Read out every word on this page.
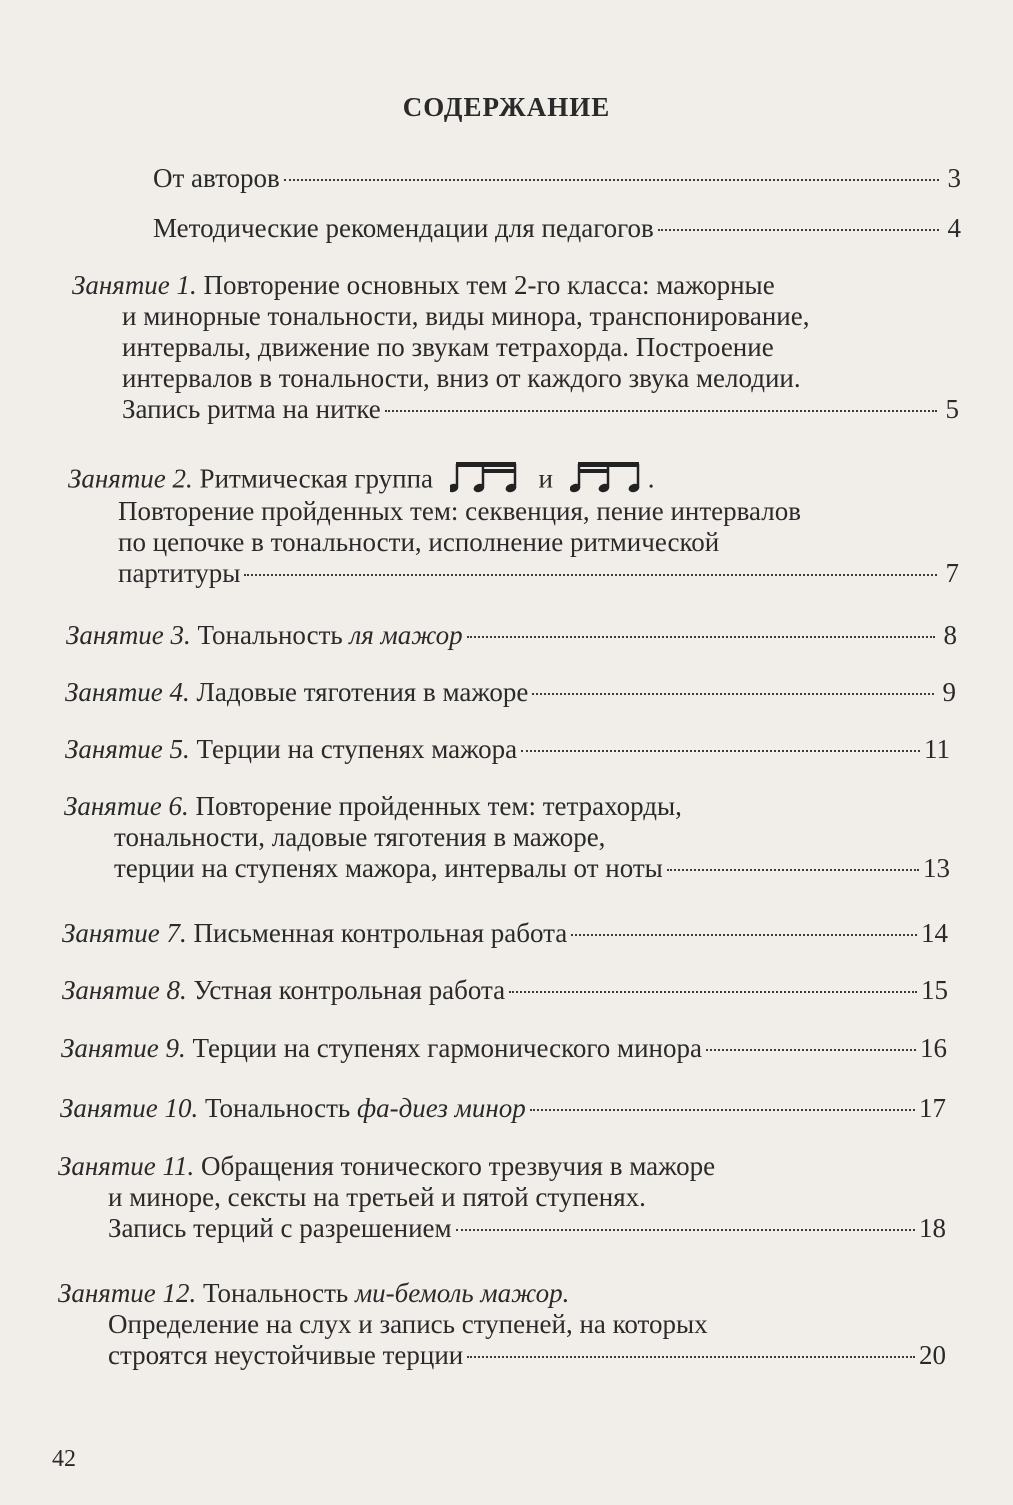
СОДЕРЖАНИЕ
От авторов	3
Методические рекомендации для педагогов	4
Занятие 1. Повторение основных тем 2-го класса: мажорные
и минорные тональности, виды минора, транспонирование,
интервалы, движение по звукам тетрахорда. Построение
интервалов в тональности, вниз от каждого звука мелодии.
Запись ритма на нитке	5
Занятие 2. Ритмическая группа	и	.
Повторение пройденных тем: секвенция, пение интервалов
по цепочке в тональности, исполнение ритмической
партитуры	7
Занятие 3. Тональность ля мажор	8
Занятие 4. Ладовые тяготения в мажоре	9
Занятие 5. Терции на ступенях мажора	11
Занятие 6. Повторение пройденных тем: тетрахорды,
тональности, ладовые тяготения в мажоре,
терции на ступенях мажора, интервалы от ноты	13
Занятие 7. Письменная контрольная работа	14
Занятие 8. Устная контрольная работа	15
Занятие 9. Терции на ступенях гармонического минора	16
Занятие 10. Тональность фа-диез минор	17
Занятие 11. Обращения тонического трезвучия в мажоре
и миноре, сексты на третьей и пятой ступенях.
Запись терций с разрешением	18
Занятие 12. Тональность ми-бемоль мажор.
Определение на слух и запись ступеней, на которых
строятся неустойчивые терции	20
42
